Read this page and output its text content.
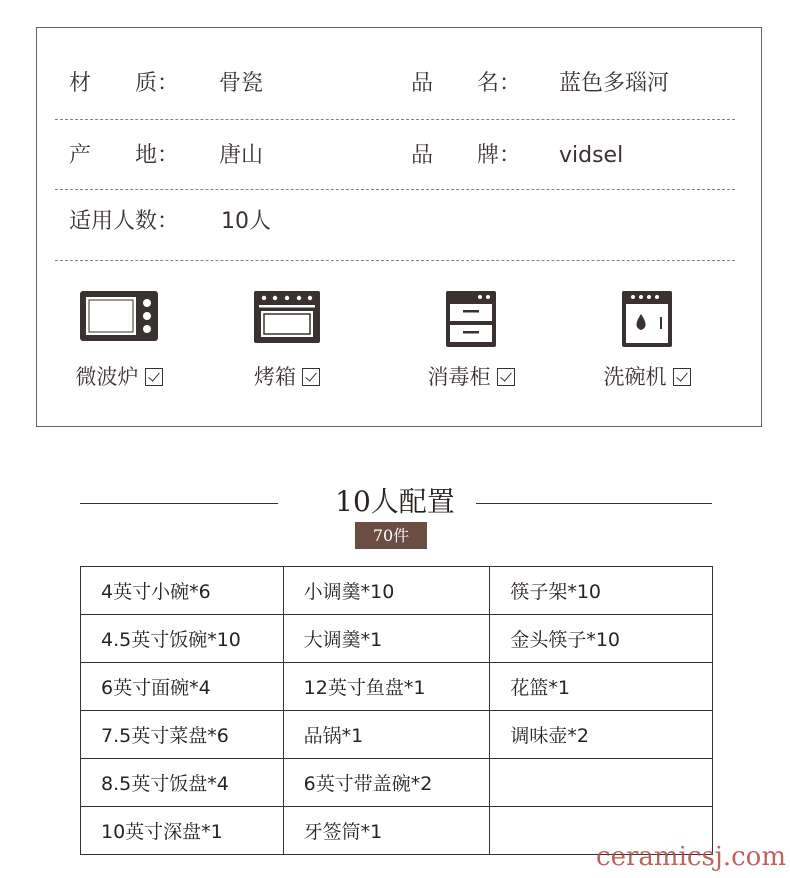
材　　质： 骨瓷	品　　名： 蓝色多瑙河
产　　地： 唐山	品　　牌： vidsel
适用人数： 10人
微波炉	烤箱	消毒柜	洗碗机
10人配置
70件
4英寸小碗*6	小调羹*10	筷子架*10
4.5英寸饭碗*10	大调羹*1	金头筷子*10
6英寸面碗*4	12英寸鱼盘*1	花篮*1
7.5英寸菜盘*6	品锅*1	调味壶*2
8.5英寸饭盘*4	6英寸带盖碗*2	
10英寸深盘*1	牙签筒*1	
ceramicsj.com
